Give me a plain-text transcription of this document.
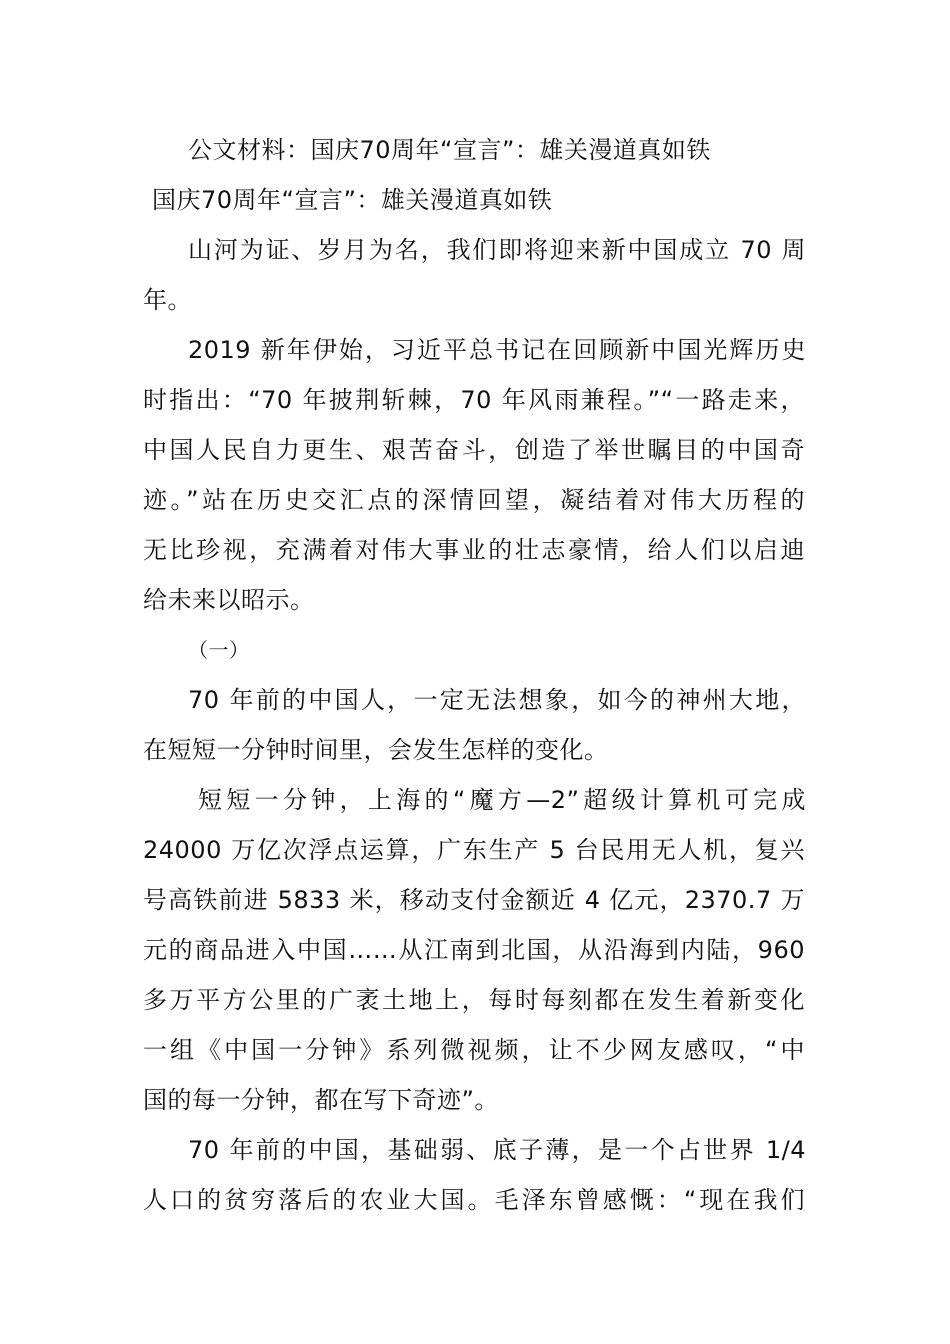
公文材料：国庆70周年“宣言”：雄关漫道真如铁
国庆70周年“宣言”：雄关漫道真如铁
山河为证、岁月为名，我们即将迎来新中国成立 70 周
年。
2019 新年伊始，习近平总书记在回顾新中国光辉历史
时指出：“70 年披荆斩棘，70 年风雨兼程。”“一路走来，
中国人民自力更生、艰苦奋斗，创造了举世瞩目的中国奇
迹。”站在历史交汇点的深情回望，凝结着对伟大历程的
无比珍视，充满着对伟大事业的壮志豪情，给人们以启迪
给未来以昭示。
（一）
70 年前的中国人，一定无法想象，如今的神州大地，
在短短一分钟时间里，会发生怎样的变化。
短短一分钟，上海的“魔方—2”超级计算机可完成
24000 万亿次浮点运算，广东生产 5 台民用无人机，复兴
号高铁前进 5833 米，移动支付金额近 4 亿元，2370.7 万
元的商品进入中国……从江南到北国，从沿海到内陆，960
多万平方公里的广袤土地上，每时每刻都在发生着新变化
一组《中国一分钟》系列微视频，让不少网友感叹，“中
国的每一分钟，都在写下奇迹”。
70 年前的中国，基础弱、底子薄，是一个占世界 1/4
人口的贫穷落后的农业大国。毛泽东曾感慨：“现在我们
